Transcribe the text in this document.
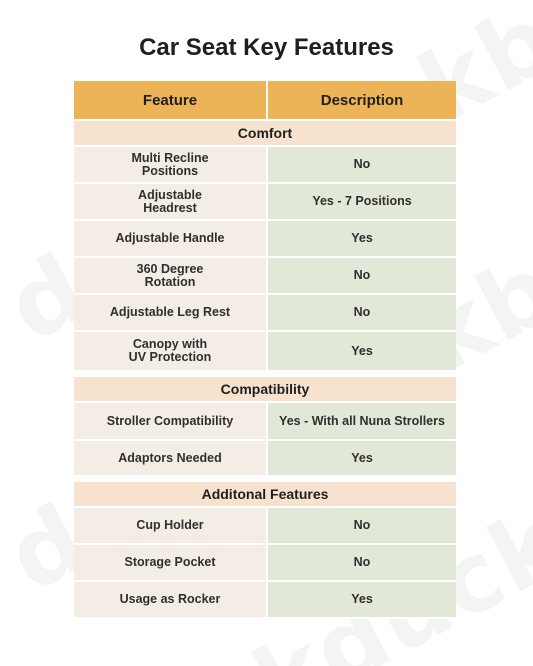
Car Seat Key Features
Feature	Description
Comfort	
Multi Recline
Positions	No
Adjustable
Headrest	Yes - 7 Positions
Adjustable Handle	Yes
360 Degree
Rotation	No
Adjustable Leg Rest	No
Canopy with
UV Protection	Yes

Compatibility	
Stroller Compatibility	Yes - With all Nuna Strollers
Adaptors Needed	Yes

Additonal Features	
Cup Holder	No
Storage Pocket	No
Usage as Rocker	Yes
